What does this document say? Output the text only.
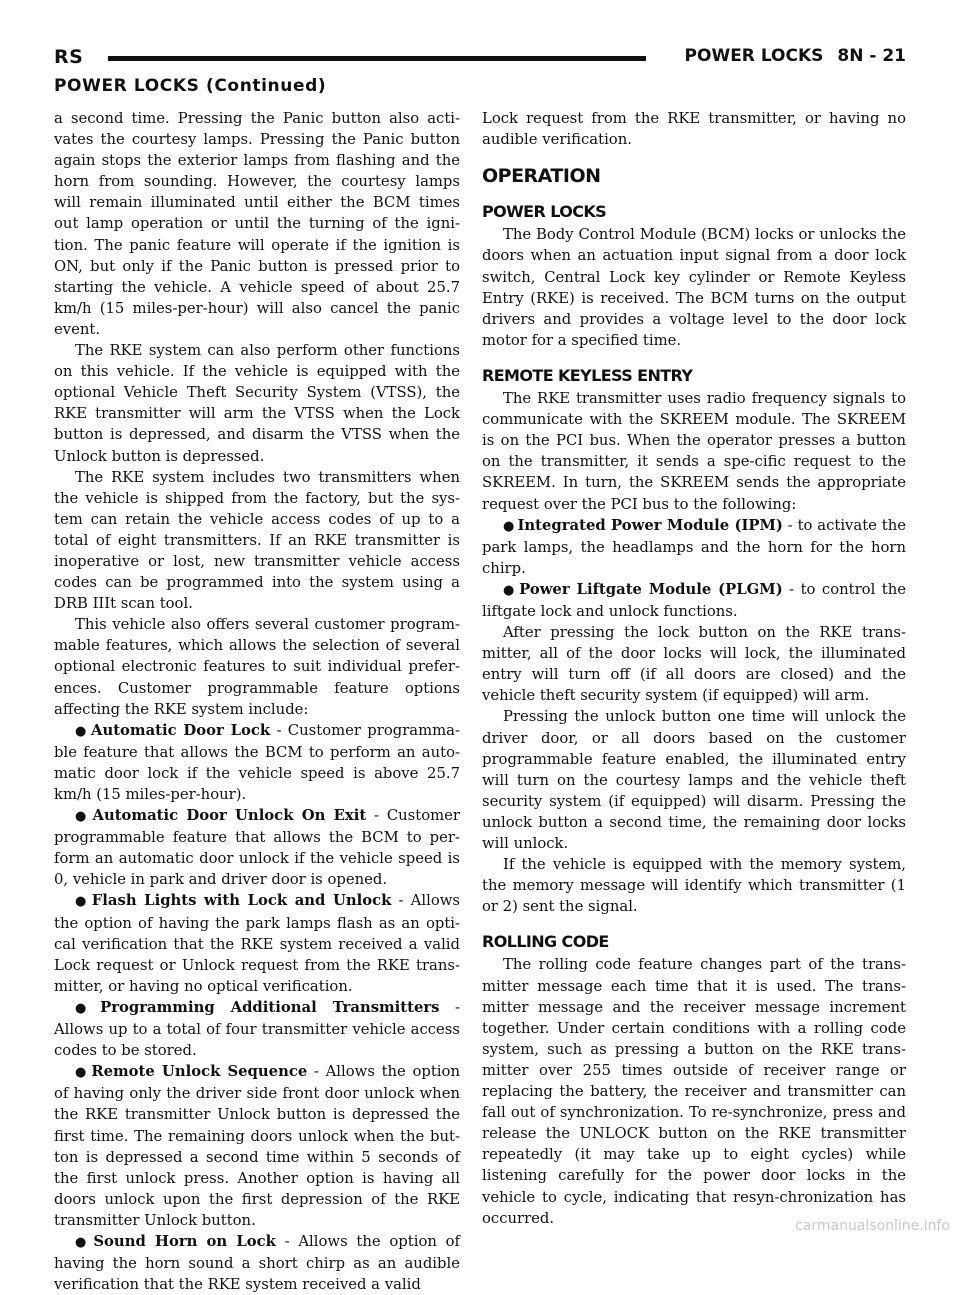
RS	POWER LOCKS 8N - 21
POWER LOCKS (Continued)

a second time. Pressing the Panic button also acti-vates the courtesy lamps. Pressing the Panic button again stops the exterior lamps from flashing and the horn from sounding. However, the courtesy lamps will remain illuminated until either the BCM times out lamp operation or until the turning of the igni-tion. The panic feature will operate if the ignition is ON, but only if the Panic button is pressed prior to starting the vehicle. A vehicle speed of about 25.7 km/h (15 miles-per-hour) will also cancel the panic event.

The RKE system can also perform other functions on this vehicle. If the vehicle is equipped with the optional Vehicle Theft Security System (VTSS), the RKE transmitter will arm the VTSS when the Lock button is depressed, and disarm the VTSS when the Unlock button is depressed.

The RKE system includes two transmitters when the vehicle is shipped from the factory, but the sys-tem can retain the vehicle access codes of up to a total of eight transmitters. If an RKE transmitter is inoperative or lost, new transmitter vehicle access codes can be programmed into the system using a DRB IIIt scan tool.

This vehicle also offers several customer program-mable features, which allows the selection of several optional electronic features to suit individual prefer-ences. Customer programmable feature options affecting the RKE system include:

● Automatic Door Lock - Customer programma-ble feature that allows the BCM to perform an auto-matic door lock if the vehicle speed is above 25.7 km/h (15 miles-per-hour).

● Automatic Door Unlock On Exit - Customer programmable feature that allows the BCM to per-form an automatic door unlock if the vehicle speed is 0, vehicle in park and driver door is opened.

● Flash Lights with Lock and Unlock - Allows the option of having the park lamps flash as an opti-cal verification that the RKE system received a valid Lock request or Unlock request from the RKE trans-mitter, or having no optical verification.

● Programming Additional Transmitters - Allows up to a total of four transmitter vehicle access codes to be stored.

● Remote Unlock Sequence - Allows the option of having only the driver side front door unlock when the RKE transmitter Unlock button is depressed the first time. The remaining doors unlock when the but-ton is depressed a second time within 5 seconds of the first unlock press. Another option is having all doors unlock upon the first depression of the RKE transmitter Unlock button.

● Sound Horn on Lock - Allows the option of having the horn sound a short chirp as an audible verification that the RKE system received a valid

Lock request from the RKE transmitter, or having no audible verification.

OPERATION
POWER LOCKS

The Body Control Module (BCM) locks or unlocks the doors when an actuation input signal from a door lock switch, Central Lock key cylinder or Remote Keyless Entry (RKE) is received. The BCM turns on the output drivers and provides a voltage level to the door lock motor for a specified time.

REMOTE KEYLESS ENTRY

The RKE transmitter uses radio frequency signals to communicate with the SKREEM module. The SKREEM is on the PCI bus. When the operator presses a button on the transmitter, it sends a spe-cific request to the SKREEM. In turn, the SKREEM sends the appropriate request over the PCI bus to the following:

● Integrated Power Module (IPM) - to activate the park lamps, the headlamps and the horn for the horn chirp.

● Power Liftgate Module (PLGM) - to control the liftgate lock and unlock functions.

After pressing the lock button on the RKE trans-mitter, all of the door locks will lock, the illuminated entry will turn off (if all doors are closed) and the vehicle theft security system (if equipped) will arm.

Pressing the unlock button one time will unlock the driver door, or all doors based on the customer programmable feature enabled, the illuminated entry will turn on the courtesy lamps and the vehicle theft security system (if equipped) will disarm. Pressing the unlock button a second time, the remaining door locks will unlock.

If the vehicle is equipped with the memory system, the memory message will identify which transmitter (1 or 2) sent the signal.

ROLLING CODE

The rolling code feature changes part of the trans-mitter message each time that it is used. The trans-mitter message and the receiver message increment together. Under certain conditions with a rolling code system, such as pressing a button on the RKE trans-mitter over 255 times outside of receiver range or replacing the battery, the receiver and transmitter can fall out of synchronization. To re-synchronize, press and release the UNLOCK button on the RKE transmitter repeatedly (it may take up to eight cycles) while listening carefully for the power door locks in the vehicle to cycle, indicating that resyn-chronization has occurred.	carmanualsonline.info
